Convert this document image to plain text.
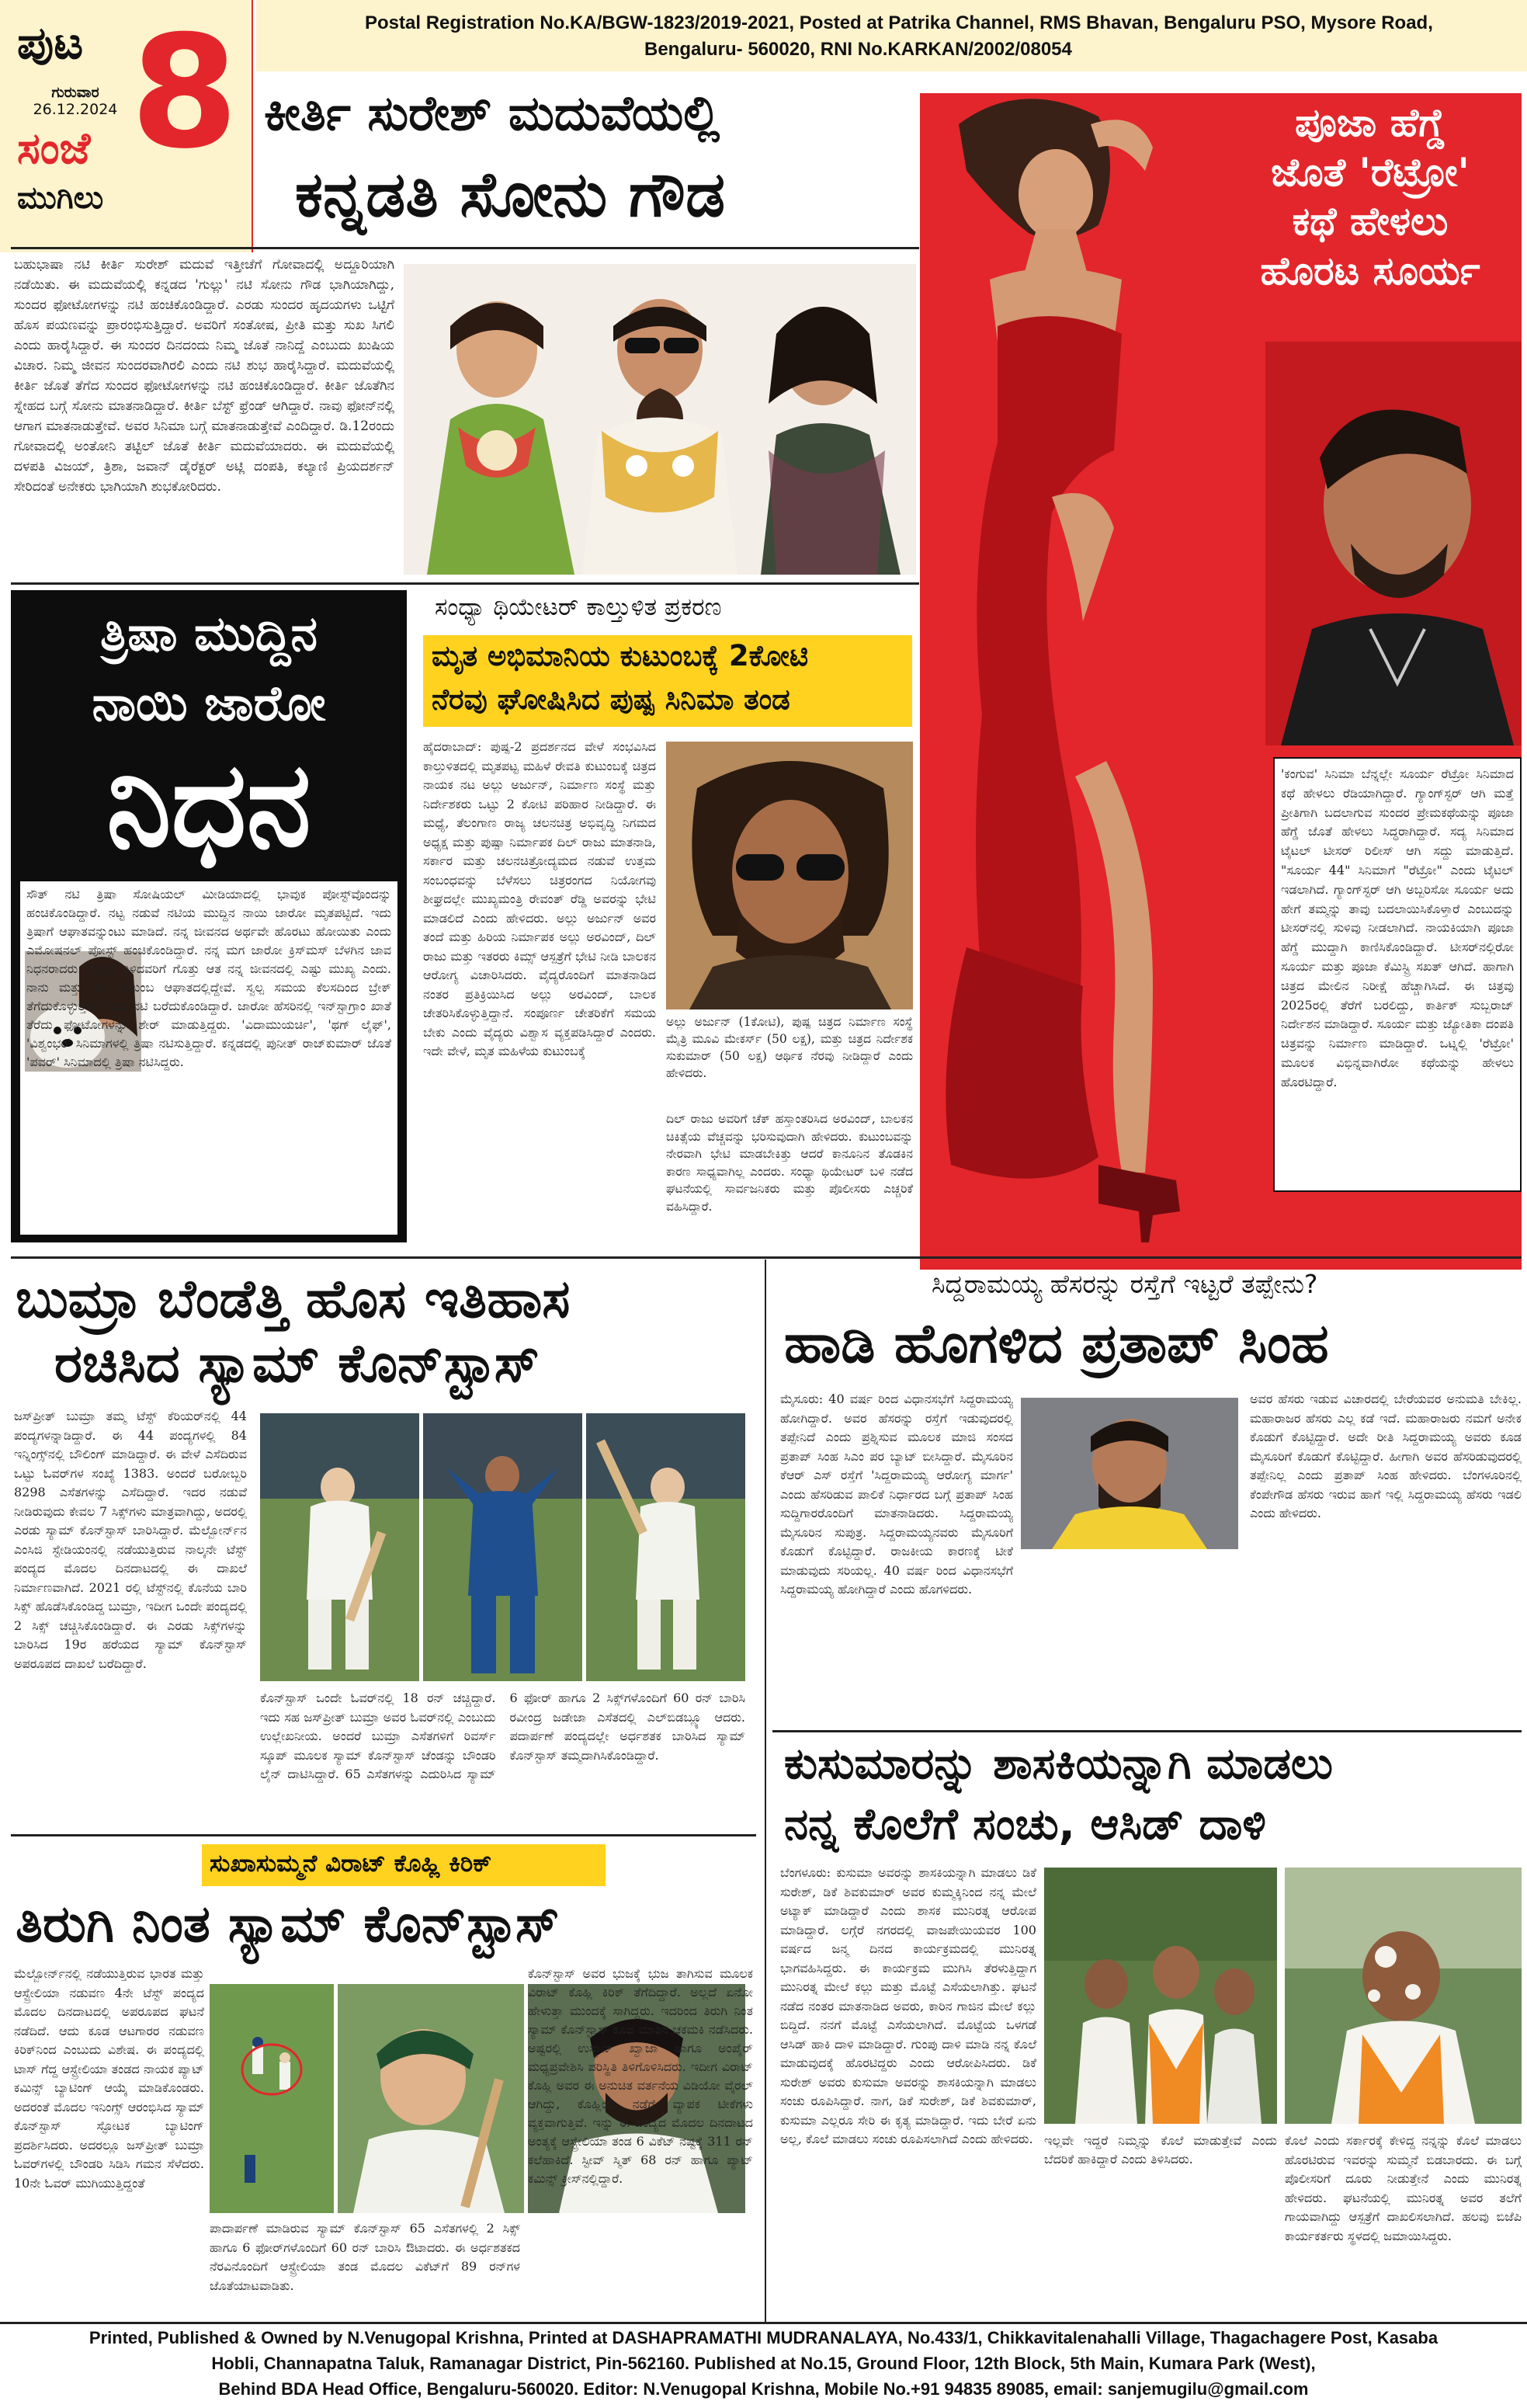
ಪುಟ
ಗುರುವಾರ
26.12.2024
ಸಂಜೆ
ಮುಗಿಲು
8	Postal Registration No.KA/BGW-1823/2019-2021, Posted at Patrika Channel, RMS Bhavan, Bengaluru PSO, Mysore Road,
Bengaluru- 560020, RNI No.KARKAN/2002/08054
ಕೀರ್ತಿ ಸುರೇಶ್ ಮದುವೆಯಲ್ಲಿ
ಕನ್ನಡತಿ ಸೋನು ಗೌಡ
ಬಹುಭಾಷಾ ನಟಿ ಕೀರ್ತಿ ಸುರೇಶ್ ಮದುವೆ ಇತ್ತೀಚೆಗೆ ಗೋವಾದಲ್ಲಿ ಅದ್ದೂರಿಯಾಗಿ ನಡೆಯಿತು. ಈ ಮದುವೆಯಲ್ಲಿ ಕನ್ನಡದ 'ಗುಲ್ಲು' ನಟಿ ಸೋನು ಗೌಡ ಭಾಗಿಯಾಗಿದ್ದು, ಸುಂದರ ಫೋಟೋಗಳನ್ನು ನಟಿ ಹಂಚಿಕೊಂಡಿದ್ದಾರೆ. ಎರಡು ಸುಂದರ ಹೃದಯಗಳು ಒಟ್ಟಿಗೆ ಹೊಸ ಪಯಣವನ್ನು ಪ್ರಾರಂಭಿಸುತ್ತಿದ್ದಾರೆ. ಅವರಿಗೆ ಸಂತೋಷ, ಪ್ರೀತಿ ಮತ್ತು ಸುಖ ಸಿಗಲಿ ಎಂದು ಹಾರೈಸಿದ್ದಾರೆ. ಈ ಸುಂದರ ದಿನದಂದು ನಿಮ್ಮ ಜೊತೆ ನಾನಿದ್ದೆ ಎಂಬುದು ಖುಷಿಯ ವಿಚಾರ. ನಿಮ್ಮ ಜೀವನ ಸುಂದರವಾಗಿರಲಿ ಎಂದು ನಟಿ ಶುಭ ಹಾರೈಸಿದ್ದಾರೆ. ಮದುವೆಯಲ್ಲಿ ಕೀರ್ತಿ ಜೊತೆ ತೆಗೆದ ಸುಂದರ ಫೋಟೋಗಳನ್ನು ನಟಿ ಹಂಚಿಕೊಂಡಿದ್ದಾರೆ. ಕೀರ್ತಿ ಜೊತೆಗಿನ ಸ್ನೇಹದ ಬಗ್ಗೆ ಸೋನು ಮಾತನಾಡಿದ್ದಾರೆ. ಕೀರ್ತಿ ಬೆಸ್ಟ್ ಫ್ರೆಂಡ್ ಆಗಿದ್ದಾರೆ. ನಾವು ಫೋನ್‌ನಲ್ಲಿ ಆಗಾಗ ಮಾತನಾಡುತ್ತೇವೆ. ಅವರ ಸಿನಿಮಾ ಬಗ್ಗೆ ಮಾತನಾಡುತ್ತೇವೆ ಎಂದಿದ್ದಾರೆ. ಡಿ.12ರಂದು ಗೋವಾದಲ್ಲಿ ಅಂತೋನಿ ತಟ್ಟಿಲ್ ಜೊತೆ ಕೀರ್ತಿ ಮದುವೆಯಾದರು. ಈ ಮದುವೆಯಲ್ಲಿ ದಳಪತಿ ವಿಜಯ್, ತ್ರಿಶಾ, ಜವಾನ್ ಡೈರೆಕ್ಟರ್ ಅಟ್ಲಿ ದಂಪತಿ, ಕಲ್ಯಾಣಿ ಪ್ರಿಯದರ್ಶನ್ ಸೇರಿದಂತೆ ಅನೇಕರು ಭಾಗಿಯಾಗಿ ಶುಭಕೋರಿದರು.
ಪೂಜಾ ಹೆಗ್ಡೆ
ಜೊತೆ 'ರೆಟ್ರೋ'
ಕಥೆ ಹೇಳಲು
ಹೊರಟ ಸೂರ್ಯ
'ಕಂಗುವ' ಸಿನಿಮಾ ಬೆನ್ನಲ್ಲೇ ಸೂರ್ಯ ರೆಟ್ರೋ ಸಿನಿಮಾದ ಕಥೆ ಹೇಳಲು ರೆಡಿಯಾಗಿದ್ದಾರೆ. ಗ್ಯಾಂಗ್‌ಸ್ಟರ್ ಆಗಿ ಮತ್ತೆ ಪ್ರೀತಿಗಾಗಿ ಬದಲಾಗುವ ಸುಂದರ ಪ್ರೇಮಕಥೆಯನ್ನು ಪೂಜಾ ಹೆಗ್ಡೆ ಜೊತೆ ಹೇಳಲು ಸಿದ್ಧರಾಗಿದ್ದಾರೆ. ಸದ್ಯ ಸಿನಿಮಾದ ಟೈಟಲ್ ಟೀಸರ್ ರಿಲೀಸ್ ಆಗಿ ಸದ್ದು ಮಾಡುತ್ತಿದೆ. "ಸೂರ್ಯ 44" ಸಿನಿಮಾಗೆ "ರೆಟ್ರೋ" ಎಂದು ಟೈಟಲ್ ಇಡಲಾಗಿದೆ. ಗ್ಯಾಂಗ್‌ಸ್ಟರ್ ಆಗಿ ಅಬ್ಬರಿಸೋ ಸೂರ್ಯ ಅದು ಹೇಗೆ ತಮ್ಮನ್ನು ತಾವು ಬದಲಾಯಿಸಿಕೊಳ್ತಾರೆ ಎಂಬುದನ್ನು ಟೀಸರ್‌ನಲ್ಲಿ ಸುಳಿವು ನೀಡಲಾಗಿದೆ. ನಾಯಕಿಯಾಗಿ ಪೂಜಾ ಹೆಗ್ಡೆ ಮುದ್ದಾಗಿ ಕಾಣಿಸಿಕೊಂಡಿದ್ದಾರೆ. ಟೀಸರ್‌ನಲ್ಲಿರೋ ಸೂರ್ಯ ಮತ್ತು ಪೂಜಾ ಕೆಮಿಸ್ಟ್ರಿ ಸಖತ್ ಆಗಿದೆ. ಹಾಗಾಗಿ ಚಿತ್ರದ ಮೇಲಿನ ನಿರೀಕ್ಷೆ ಹೆಚ್ಚಾಗಿಸಿದೆ. ಈ ಚಿತ್ರವು 2025ರಲ್ಲಿ ತೆರೆಗೆ ಬರಲಿದ್ದು, ಕಾರ್ತಿಕ್ ಸುಬ್ಬರಾಜ್ ನಿರ್ದೇಶನ ಮಾಡಿದ್ದಾರೆ. ಸೂರ್ಯ ಮತ್ತು ಜ್ಯೋತಿಕಾ ದಂಪತಿ ಚಿತ್ರವನ್ನು ನಿರ್ಮಾಣ ಮಾಡಿದ್ದಾರೆ. ಒಟ್ನಲ್ಲಿ 'ರೆಟ್ರೋ' ಮೂಲಕ ವಿಭಿನ್ನವಾಗಿರೋ ಕಥೆಯನ್ನು ಹೇಳಲು ಹೊರಟಿದ್ದಾರೆ.
ತ್ರಿಷಾ ಮುದ್ದಿನ
ನಾಯಿ ಜಾರೋ
ನಿಧನ
ಸೌತ್ ನಟಿ ತ್ರಿಷಾ ಸೋಷಿಯಲ್ ಮೀಡಿಯಾದಲ್ಲಿ ಭಾವುಕ ಪೋಸ್ಟ್‌ವೊಂದನ್ನು ಹಂಚಿಕೊಂಡಿದ್ದಾರೆ. ನಟ್ಟ ನಡುವೆ ನಟಿಯ ಮುದ್ದಿನ ನಾಯಿ ಜಾರೋ ಮೃತಪಟ್ಟಿದೆ. ಇದು ತ್ರಿಷಾಗೆ ಆಘಾತವನ್ನುಂಟು ಮಾಡಿದೆ. ನನ್ನ ಜೀವನದ ಅರ್ಥವೇ ಹೊರಟು ಹೋಯಿತು ಎಂದು ಎಮೋಷನಲ್ ಪೋಸ್ಟ್ ಹಂಚಿಕೊಂಡಿದ್ದಾರೆ. ನನ್ನ ಮಗ ಜಾರೋ ಕ್ರಿಸ್‌ಮಸ್ ಬೆಳಗಿನ ಜಾವ ನಿಧನರಾದರು. ನನ್ನನ್ನು ತಿಳಿದವರಿಗೆ ಗೊತ್ತು ಆತ ನನ್ನ ಜೀವನದಲ್ಲಿ ಎಷ್ಟು ಮುಖ್ಯ ಎಂದು. ನಾನು ಮತ್ತು ನನ್ನ ಕುಟುಂಬ ಆಘಾತದಲ್ಲಿದ್ದೇವೆ. ಸ್ವಲ್ಪ ಸಮಯ ಕೆಲಸದಿಂದ ಬ್ರೇಕ್ ತೆಗೆದುಕೊಳ್ಳುತ್ತೇನೆ ಎಂದು ನಟಿ ಬರೆದುಕೊಂಡಿದ್ದಾರೆ. ಜಾರೋ ಹೆಸರಿನಲ್ಲಿ ಇನ್‌ಸ್ಟಾಗ್ರಾಂ ಖಾತೆ ತೆರೆದು ಫೋಟೋಗಳನ್ನು ಶೇರ್ ಮಾಡುತ್ತಿದ್ದರು. 'ವಿದಾಮುಯರ್ಚಿ', 'ಥಗ್ ಲೈಫ್', 'ವಿಶ್ವಂಭರ' ಸಿನಿಮಾಗಳಲ್ಲಿ ತ್ರಿಷಾ ನಟಿಸುತ್ತಿದ್ದಾರೆ. ಕನ್ನಡದಲ್ಲಿ ಪುನೀತ್ ರಾಜ್‌ಕುಮಾರ್ ಜೊತೆ 'ಪವರ್' ಸಿನಿಮಾದಲ್ಲಿ ತ್ರಿಷಾ ನಟಿಸಿದ್ದರು.
ಸಂಧ್ಯಾ ಥಿಯೇಟರ್ ಕಾಲ್ತುಳಿತ ಪ್ರಕರಣ
ಮೃತ ಅಭಿಮಾನಿಯ ಕುಟುಂಬಕ್ಕೆ 2ಕೋಟಿ
ನೆರವು ಘೋಷಿಸಿದ ಪುಷ್ಪ ಸಿನಿಮಾ ತಂಡ
ಹೈದರಾಬಾದ್: ಪುಷ್ಪ-2 ಪ್ರದರ್ಶನದ ವೇಳೆ ಸಂಭವಿಸಿದ ಕಾಲ್ತುಳಿತದಲ್ಲಿ ಮೃತಪಟ್ಟ ಮಹಿಳೆ ರೇವತಿ ಕುಟುಂಬಕ್ಕೆ ಚಿತ್ರದ ನಾಯಕ ನಟ ಅಲ್ಲು ಅರ್ಜುನ್, ನಿರ್ಮಾಣ ಸಂಸ್ಥೆ ಮತ್ತು ನಿರ್ದೇಶಕರು ಒಟ್ಟು 2 ಕೋಟಿ ಪರಿಹಾರ ನೀಡಿದ್ದಾರೆ. ಈ ಮಧ್ಯೆ, ತೆಲಂಗಾಣ ರಾಜ್ಯ ಚಲನಚಿತ್ರ ಅಭಿವೃದ್ಧಿ ನಿಗಮದ ಅಧ್ಯಕ್ಷ ಮತ್ತು ಪುಷ್ಪಾ ನಿರ್ಮಾಪಕ ದಿಲ್ ರಾಜು ಮಾತನಾಡಿ, ಸರ್ಕಾರ ಮತ್ತು ಚಲನಚಿತ್ರೋದ್ಯಮದ ನಡುವೆ ಉತ್ತಮ ಸಂಬಂಧವನ್ನು ಬೆಳೆಸಲು ಚಿತ್ರರಂಗದ ನಿಯೋಗವು ಶೀಘ್ರದಲ್ಲೇ ಮುಖ್ಯಮಂತ್ರಿ ರೇವಂತ್ ರೆಡ್ಡಿ ಅವರನ್ನು ಭೇಟಿ ಮಾಡಲಿದೆ ಎಂದು ಹೇಳಿದರು. ಅಲ್ಲು ಅರ್ಜುನ್ ಅವರ ತಂದೆ ಮತ್ತು ಹಿರಿಯ ನಿರ್ಮಾಪಕ ಅಲ್ಲು ಅರವಿಂದ್, ದಿಲ್ ರಾಜು ಮತ್ತು ಇತರರು ಕಿಮ್ಸ್ ಆಸ್ಪತ್ರೆಗೆ ಭೇಟಿ ನೀಡಿ ಬಾಲಕನ ಆರೋಗ್ಯ ವಿಚಾರಿಸಿದರು. ವೈದ್ಯರೊಂದಿಗೆ ಮಾತನಾಡಿದ ನಂತರ ಪ್ರತಿಕ್ರಿಯಿಸಿದ ಅಲ್ಲು ಅರವಿಂದ್, ಬಾಲಕ ಚೇತರಿಸಿಕೊಳ್ಳುತ್ತಿದ್ದಾನೆ. ಸಂಪೂರ್ಣ ಚೇತರಿಕೆಗೆ ಸಮಯ ಬೇಕು ಎಂದು ವೈದ್ಯರು ವಿಶ್ವಾಸ ವ್ಯಕ್ತಪಡಿಸಿದ್ದಾರೆ ಎಂದರು. ಇದೇ ವೇಳೆ, ಮೃತ ಮಹಿಳೆಯ ಕುಟುಂಬಕ್ಕೆ
ಅಲ್ಲು ಅರ್ಜುನ್ (1ಕೋಟಿ), ಪುಷ್ಪ ಚಿತ್ರದ ನಿರ್ಮಾಣ ಸಂಸ್ಥೆ ಮೈತ್ರಿ ಮೂವಿ ಮೇಕರ್ಸ್ (50 ಲಕ್ಷ), ಮತ್ತು ಚಿತ್ರದ ನಿರ್ದೇಶಕ ಸುಕುಮಾರ್ (50 ಲಕ್ಷ) ಆರ್ಥಿಕ ನೆರವು ನೀಡಿದ್ದಾರೆ ಎಂದು ಹೇಳಿದರು.
ದಿಲ್ ರಾಜು ಅವರಿಗೆ ಚೆಕ್ ಹಸ್ತಾಂತರಿಸಿದ ಅರವಿಂದ್, ಬಾಲಕನ ಚಿಕಿತ್ಸೆಯ ವೆಚ್ಚವನ್ನು ಭರಿಸುವುದಾಗಿ ಹೇಳಿದರು. ಕುಟುಂಬವನ್ನು ನೇರವಾಗಿ ಭೇಟಿ ಮಾಡಬೇಕಿತ್ತು ಆದರೆ ಕಾನೂನಿನ ತೊಡಕಿನ ಕಾರಣ ಸಾಧ್ಯವಾಗಿಲ್ಲ ಎಂದರು. ಸಂಧ್ಯಾ ಥಿಯೇಟರ್ ಬಳಿ ನಡೆದ ಘಟನೆಯಲ್ಲಿ ಸಾರ್ವಜನಿಕರು ಮತ್ತು ಪೊಲೀಸರು ಎಚ್ಚರಿಕೆ ವಹಿಸಿದ್ದಾರೆ.
ಬುಮ್ರಾ ಬೆಂಡೆತ್ತಿ ಹೊಸ ಇತಿಹಾಸ
ರಚಿಸಿದ ಸ್ಯಾಮ್ ಕೊನ್‌ಸ್ಟಾಸ್
ಜಸ್‌ಪ್ರೀತ್ ಬುಮ್ರಾ ತಮ್ಮ ಟೆಸ್ಟ್ ಕೆರಿಯರ್‌ನಲ್ಲಿ 44 ಪಂದ್ಯಗಳನ್ನಾಡಿದ್ದಾರೆ. ಈ 44 ಪಂದ್ಯಗಳಲ್ಲಿ 84 ಇನ್ನಿಂಗ್ಸ್‌ನಲ್ಲಿ ಬೌಲಿಂಗ್ ಮಾಡಿದ್ದಾರೆ. ಈ ವೇಳೆ ಎಸೆದಿರುವ ಒಟ್ಟು ಓವರ್‌ಗಳ ಸಂಖ್ಯೆ 1383. ಅಂದರೆ ಬರೋಬ್ಬರಿ 8298 ಎಸೆತಗಳನ್ನು ಎಸೆದಿದ್ದಾರೆ. ಇದರ ನಡುವೆ ನೀಡಿರುವುದು ಕೇವಲ 7 ಸಿಕ್ಸ್‌ಗಳು ಮಾತ್ರವಾಗಿದ್ದು, ಅದರಲ್ಲಿ ಎರಡು ಸ್ಯಾಮ್ ಕೊನ್‌ಸ್ಟಾಸ್ ಬಾರಿಸಿದ್ದಾರೆ. ಮೆಲ್ಬೋರ್ನ್‌ನ ಎಂಸಿಜಿ ಸ್ಟೇಡಿಯಂನಲ್ಲಿ ನಡೆಯುತ್ತಿರುವ ನಾಲ್ಕನೇ ಟೆಸ್ಟ್ ಪಂದ್ಯದ ಮೊದಲ ದಿನದಾಟದಲ್ಲಿ ಈ ದಾಖಲೆ ನಿರ್ಮಾಣವಾಗಿದೆ. 2021 ರಲ್ಲಿ ಟೆಸ್ಟ್‌ನಲ್ಲಿ ಕೊನೆಯ ಬಾರಿ ಸಿಕ್ಸ್ ಹೊಡೆಸಿಕೊಂಡಿದ್ದ ಬುಮ್ರಾ, ಇದೀಗ ಒಂದೇ ಪಂದ್ಯದಲ್ಲಿ 2 ಸಿಕ್ಸ್ ಚಚ್ಚಿಸಿಕೊಂಡಿದ್ದಾರೆ. ಈ ಎರಡು ಸಿಕ್ಸ್‌ಗಳನ್ನು ಬಾರಿಸಿದ 19ರ ಹರೆಯದ ಸ್ಯಾಮ್ ಕೊನ್‌ಸ್ಟಾಸ್ ಅಪರೂಪದ ದಾಖಲೆ ಬರೆದಿದ್ದಾರೆ.
ಕೊನ್‌ಸ್ಟಾಸ್ ಒಂದೇ ಓವರ್‌ನಲ್ಲಿ 18 ರನ್ ಚಚ್ಚಿದ್ದಾರೆ. ಇದು ಸಹ ಜಸ್‌ಪ್ರೀತ್ ಬುಮ್ರಾ ಅವರ ಓವರ್‌ನಲ್ಲಿ ಎಂಬುದು ಉಲ್ಲೇಖನೀಯ. ಅಂದರೆ ಬುಮ್ರಾ ಎಸೆತಗಳಿಗೆ ರಿವರ್ಸ್ ಸ್ಕೂಪ್ ಮೂಲಕ ಸ್ಯಾಮ್ ಕೊನ್‌ಸ್ಟಾಸ್ ಚೆಂಡನ್ನು ಬೌಂಡರಿ ಲೈನ್ ದಾಟಿಸಿದ್ದಾರೆ. 65 ಎಸೆತಗಳನ್ನು ಎದುರಿಸಿದ ಸ್ಯಾಮ್ 6 ಫೋರ್ ಹಾಗೂ 2 ಸಿಕ್ಸ್‌ಗಳೊಂದಿಗೆ 60 ರನ್ ಬಾರಿಸಿ ರವೀಂದ್ರ ಜಡೇಜಾ ಎಸೆತದಲ್ಲಿ ಎಲ್‌ಬಿಡಬ್ಲ್ಯೂ ಆದರು. ಪದಾರ್ಪಣೆ ಪಂದ್ಯದಲ್ಲೇ ಅರ್ಧಶತಕ ಬಾರಿಸಿದ ಸ್ಯಾಮ್ ಕೊನ್‌ಸ್ಟಾಸ್ ತಮ್ಮದಾಗಿಸಿಕೊಂಡಿದ್ದಾರೆ.
ಸಿದ್ದರಾಮಯ್ಯ ಹೆಸರನ್ನು ರಸ್ತೆಗೆ ಇಟ್ಟರೆ ತಪ್ಪೇನು?
ಹಾಡಿ ಹೊಗಳಿದ ಪ್ರತಾಪ್ ಸಿಂಹ
ಮೈಸೂರು: 40 ವರ್ಷ ರಿಂದ ವಿಧಾನಸಭೆಗೆ ಸಿದ್ದರಾಮಯ್ಯ ಹೋಗಿದ್ದಾರೆ. ಅವರ ಹೆಸರನ್ನು ರಸ್ತೆಗೆ ಇಡುವುದರಲ್ಲಿ ತಪ್ಪೇನಿದೆ ಎಂದು ಪ್ರಶ್ನಿಸುವ ಮೂಲಕ ಮಾಜಿ ಸಂಸದ ಪ್ರತಾಪ್ ಸಿಂಹ ಸಿಎಂ ಪರ ಬ್ಯಾಟ್ ಬೀಸಿದ್ದಾರೆ. ಮೈಸೂರಿನ ಕೆಆರ್ ಎಸ್ ರಸ್ತೆಗೆ 'ಸಿದ್ದರಾಮಯ್ಯ ಆರೋಗ್ಯ ಮಾರ್ಗ' ಎಂದು ಹೆಸರಿಡುವ ಪಾಲಿಕೆ ನಿರ್ಧಾರದ ಬಗ್ಗೆ ಪ್ರತಾಪ್ ಸಿಂಹ ಸುದ್ದಿಗಾರರೊಂದಿಗೆ ಮಾತನಾಡಿದರು. ಸಿದ್ದರಾಮಯ್ಯ ಮೈಸೂರಿನ ಸುಪುತ್ರ. ಸಿದ್ದರಾಮಯ್ಯನವರು ಮೈಸೂರಿಗೆ ಕೊಡುಗೆ ಕೊಟ್ಟಿದ್ದಾರೆ. ರಾಜಕೀಯ ಕಾರಣಕ್ಕೆ ಟೀಕೆ ಮಾಡುವುದು ಸರಿಯಲ್ಲ. 40 ವರ್ಷ ರಿಂದ ವಿಧಾನಸಭೆಗೆ ಸಿದ್ದರಾಮಯ್ಯ ಹೋಗಿದ್ದಾರೆ ಎಂದು ಹೊಗಳಿದರು.
ಅವರ ಹೆಸರು ಇಡುವ ವಿಚಾರದಲ್ಲಿ ಬೇರೆಯವರ ಅನುಮತಿ ಬೇಕಿಲ್ಲ. ಮಹಾರಾಜರ ಹೆಸರು ಎಲ್ಲ ಕಡೆ ಇದೆ. ಮಹಾರಾಜರು ನಮಗೆ ಅನೇಕ ಕೊಡುಗೆ ಕೊಟ್ಟಿದ್ದಾರೆ. ಅದೇ ರೀತಿ ಸಿದ್ದರಾಮಯ್ಯ ಅವರು ಕೂಡ ಮೈಸೂರಿಗೆ ಕೊಡುಗೆ ಕೊಟ್ಟಿದ್ದಾರೆ. ಹೀಗಾಗಿ ಅವರ ಹೆಸರಿಡುವುದರಲ್ಲಿ ತಪ್ಪೇನಿಲ್ಲ ಎಂದು ಪ್ರತಾಪ್ ಸಿಂಹ ಹೇಳಿದರು. ಬೆಂಗಳೂರಿನಲ್ಲಿ ಕೆಂಪೇಗೌಡ ಹೆಸರು ಇರುವ ಹಾಗೆ ಇಲ್ಲಿ ಸಿದ್ದರಾಮಯ್ಯ ಹೆಸರು ಇಡಲಿ ಎಂದು ಹೇಳಿದರು.
ಕುಸುಮಾರನ್ನು ಶಾಸಕಿಯನ್ನಾಗಿ ಮಾಡಲು
ನನ್ನ ಕೊಲೆಗೆ ಸಂಚು, ಆಸಿಡ್ ದಾಳಿ
ಬೆಂಗಳೂರು: ಕುಸುಮಾ ಅವರನ್ನು ಶಾಸಕಿಯನ್ನಾಗಿ ಮಾಡಲು ಡಿಕೆ ಸುರೇಶ್, ಡಿಕೆ ಶಿವಕುಮಾರ್ ಅವರ ಕುಮ್ಮಕ್ಕಿನಿಂದ ನನ್ನ ಮೇಲೆ ಅಟ್ಯಾಕ್ ಮಾಡಿದ್ದಾರೆ ಎಂದು ಶಾಸಕ ಮುನಿರತ್ನ ಆರೋಪ ಮಾಡಿದ್ದಾರೆ. ಲಗ್ಗೆರೆ ನಗರದಲ್ಲಿ ವಾಜಪೇಯಿಯವರ 100 ವರ್ಷದ ಜನ್ಮ ದಿನದ ಕಾರ್ಯಕ್ರಮದಲ್ಲಿ ಮುನಿರತ್ನ ಭಾಗವಹಿಸಿದ್ದರು. ಈ ಕಾರ್ಯಕ್ರಮ ಮುಗಿಸಿ ತೆರಳುತ್ತಿದ್ದಾಗ ಮುನಿರತ್ನ ಮೇಲೆ ಕಲ್ಲು ಮತ್ತು ಮೊಟ್ಟೆ ಎಸೆಯಲಾಗಿತ್ತು. ಘಟನೆ ನಡೆದ ನಂತರ ಮಾತನಾಡಿದ ಅವರು, ಕಾರಿನ ಗಾಜಿನ ಮೇಲೆ ಕಲ್ಲು ಬಿದ್ದಿದೆ. ನನಗೆ ಮೊಟ್ಟೆ ಎಸೆಯಲಾಗಿದೆ. ಮೊಟ್ಟೆಯ ಒಳಗಡೆ ಆಸಿಡ್ ಹಾಕಿ ದಾಳಿ ಮಾಡಿದ್ದಾರೆ. ಗುಂಪು ದಾಳಿ ಮಾಡಿ ನನ್ನ ಕೊಲೆ ಮಾಡುವುದಕ್ಕೆ ಹೊರಟಿದ್ದರು ಎಂದು ಆರೋಪಿಸಿದರು. ಡಿಕೆ ಸುರೇಶ್ ಅವರು ಕುಸುಮಾ ಅವರನ್ನು ಶಾಸಕಿಯನ್ನಾಗಿ ಮಾಡಲು ಸಂಚು ರೂಪಿಸಿದ್ದಾರೆ. ನಾಗ, ಡಿಕೆ ಸುರೇಶ್, ಡಿಕೆ ಶಿವಕುಮಾರ್, ಕುಸುಮಾ ಎಲ್ಲರೂ ಸೇರಿ ಈ ಕೃತ್ಯ ಮಾಡಿದ್ದಾರೆ. ಇದು ಬೇರೆ ಏನು ಅಲ್ಲ, ಕೊಲೆ ಮಾಡಲು ಸಂಚು ರೂಪಿಸಲಾಗಿದೆ ಎಂದು ಹೇಳಿದರು. ಇಲ್ಲವೇ ಇದ್ದರೆ ನಿಮ್ಮನ್ನು ಕೊಲೆ ಮಾಡುತ್ತೇವೆ ಎಂದು ಬೆದರಿಕೆ ಹಾಕಿದ್ದಾರೆ ಎಂದು ತಿಳಿಸಿದರು.
ಕೊಲೆ ಎಂದು ಸರ್ಕಾರಕ್ಕೆ ಕೇಳಿದ್ದ ನನ್ನನ್ನು ಕೊಲೆ ಮಾಡಲು ಹೊರಟಿರುವ ಇವರನ್ನು ಸುಮ್ಮನೆ ಬಿಡಬಾರದು. ಈ ಬಗ್ಗೆ ಪೊಲೀಸರಿಗೆ ದೂರು ನೀಡುತ್ತೇನೆ ಎಂದು ಮುನಿರತ್ನ ಹೇಳಿದರು. ಘಟನೆಯಲ್ಲಿ ಮುನಿರತ್ನ ಅವರ ತಲೆಗೆ ಗಾಯವಾಗಿದ್ದು ಆಸ್ಪತ್ರೆಗೆ ದಾಖಲಿಸಲಾಗಿದೆ. ಹಲವು ಬಿಜೆಪಿ ಕಾರ್ಯಕರ್ತರು ಸ್ಥಳದಲ್ಲಿ ಜಮಾಯಿಸಿದ್ದರು.
ಸುಖಾಸುಮ್ಮನೆ ವಿರಾಟ್ ಕೊಹ್ಲಿ ಕಿರಿಕ್
ತಿರುಗಿ ನಿಂತ ಸ್ಯಾಮ್ ಕೊನ್‌ಸ್ಟಾಸ್
ಮೆಲ್ಬೋರ್ನ್‌ನಲ್ಲಿ ನಡೆಯುತ್ತಿರುವ ಭಾರತ ಮತ್ತು ಆಸ್ಟ್ರೇಲಿಯಾ ನಡುವಣ 4ನೇ ಟೆಸ್ಟ್ ಪಂದ್ಯದ ಮೊದಲ ದಿನದಾಟದಲ್ಲಿ ಅಪರೂಪದ ಘಟನೆ ನಡೆದಿದೆ. ಆದು ಕೂಡ ಆಟಗಾರರ ನಡುವಣ ಕಿರಿಕ್‌ನಿಂದ ಎಂಬುದು ವಿಶೇಷ. ಈ ಪಂದ್ಯದಲ್ಲಿ ಟಾಸ್ ಗೆದ್ದ ಆಸ್ಟ್ರೇಲಿಯಾ ತಂಡದ ನಾಯಕ ಪ್ಯಾಟ್ ಕಮಿನ್ಸ್ ಬ್ಯಾಟಿಂಗ್ ಆಯ್ಕೆ ಮಾಡಿಕೊಂಡರು. ಅದರಂತೆ ಮೊದಲ ಇನಿಂಗ್ಸ್ ಆರಂಭಿಸಿದ ಸ್ಯಾಮ್ ಕೊನ್‌ಸ್ಟಾಸ್ ಸ್ಫೋಟಕ ಬ್ಯಾಟಿಂಗ್ ಪ್ರದರ್ಶಿಸಿದರು. ಅದರಲ್ಲೂ ಜಸ್‌ಪ್ರೀತ್ ಬುಮ್ರಾ ಓವರ್‌ಗಳಲ್ಲಿ ಬೌಂಡರಿ ಸಿಡಿಸಿ ಗಮನ ಸೆಳೆದರು. 10ನೇ ಓವರ್ ಮುಗಿಯುತ್ತಿದ್ದಂತೆ
ಪಾದಾರ್ಪಣೆ ಮಾಡಿರುವ ಸ್ಯಾಮ್ ಕೊನ್‌ಸ್ಟಾಸ್ 65 ಎಸೆತಗಳಲ್ಲಿ 2 ಸಿಕ್ಸ್ ಹಾಗೂ 6 ಫೋರ್‌ಗಳೊಂದಿಗೆ 60 ರನ್ ಬಾರಿಸಿ ಔಟಾದರು. ಈ ಅರ್ಧಶತಕದ ನೆರವಿನೊಂದಿಗೆ ಆಸ್ಟ್ರೇಲಿಯಾ ತಂಡ ಮೊದಲ ವಿಕೆಟ್‌ಗೆ 89 ರನ್‌ಗಳ ಜೊತೆಯಾಟವಾಡಿತು.
ಕೊನ್‌ಸ್ಟಾಸ್ ಅವರ ಭುಜಕ್ಕೆ ಭುಜ ತಾಗಿಸುವ ಮೂಲಕ ವಿರಾಟ್ ಕೊಹ್ಲಿ ಕಿರಿಕ್ ತೆಗೆದಿದ್ದಾರೆ. ಅಲ್ಲದೆ ಏನೋ ಹೇಳುತ್ತಾ ಮುಂದಕ್ಕೆ ಸಾಗಿದ್ದರು. ಇದರಿಂದ ತಿರುಗಿ ನಿಂತ ಸ್ಯಾಮ್ ಕೊನ್‌ಸ್ಟಾಸ್ ಕೂಡ ಮಾತಿನ ಚಕಮಕಿ ನಡೆಸಿದರು. ಅಷ್ಟರಲ್ಲಿ ಉಸ್ಮಾನ್ ಖ್ವಾಜಾ ಹಾಗೂ ಅಂಪೈರ್ ಮಧ್ಯಪ್ರವೇಶಿಸಿ ಪರಿಸ್ಥಿತಿ ತಿಳಿಗೊಳಿಸಿದರು. ಇದೀಗ ವಿರಾಟ್ ಕೊಹ್ಲಿ ಅವರ ಈ ಅನುಚಿತ ವರ್ತನೆಯ ವಿಡಿಯೋ ವೈರಲ್ ಆಗಿದ್ದು, ಕೊಹ್ಲಿಯ ನಡೆಗೆ ವ್ಯಾಪಕ ಟೀಕೆಗಳು ವ್ಯಕ್ತವಾಗುತ್ತಿವೆ. ಇನ್ನು ಈ ಪಂದ್ಯದ ಮೊದಲ ದಿನದಾಟದ ಅಂತ್ಯಕ್ಕೆ ಆಸ್ಟ್ರೇಲಿಯಾ ತಂಡ 6 ವಿಕೆಟ್ ನಷ್ಟಕ್ಕೆ 311 ರನ್ ಕಲೆಹಾಕಿದೆ. ಸ್ಟೀವ್ ಸ್ಮಿತ್ 68 ರನ್ ಹಾಗೂ ಪ್ಯಾಟ್ ಕಮಿನ್ಸ್ ಕ್ರೀಸ್‌ನಲ್ಲಿದ್ದಾರೆ.
Printed, Published & Owned by N.Venugopal Krishna, Printed at DASHAPRAMATHI MUDRANALAYA, No.433/1, Chikkavitalenahalli Village, Thagachagere Post, Kasaba
Hobli, Channapatna Taluk, Ramanagar District, Pin-562160. Published at No.15, Ground Floor, 12th Block, 5th Main, Kumara Park (West),
Behind BDA Head Office, Bengaluru-560020. Editor: N.Venugopal Krishna, Mobile No.+91 94835 89085, email: sanjemugilu@gmail.com
